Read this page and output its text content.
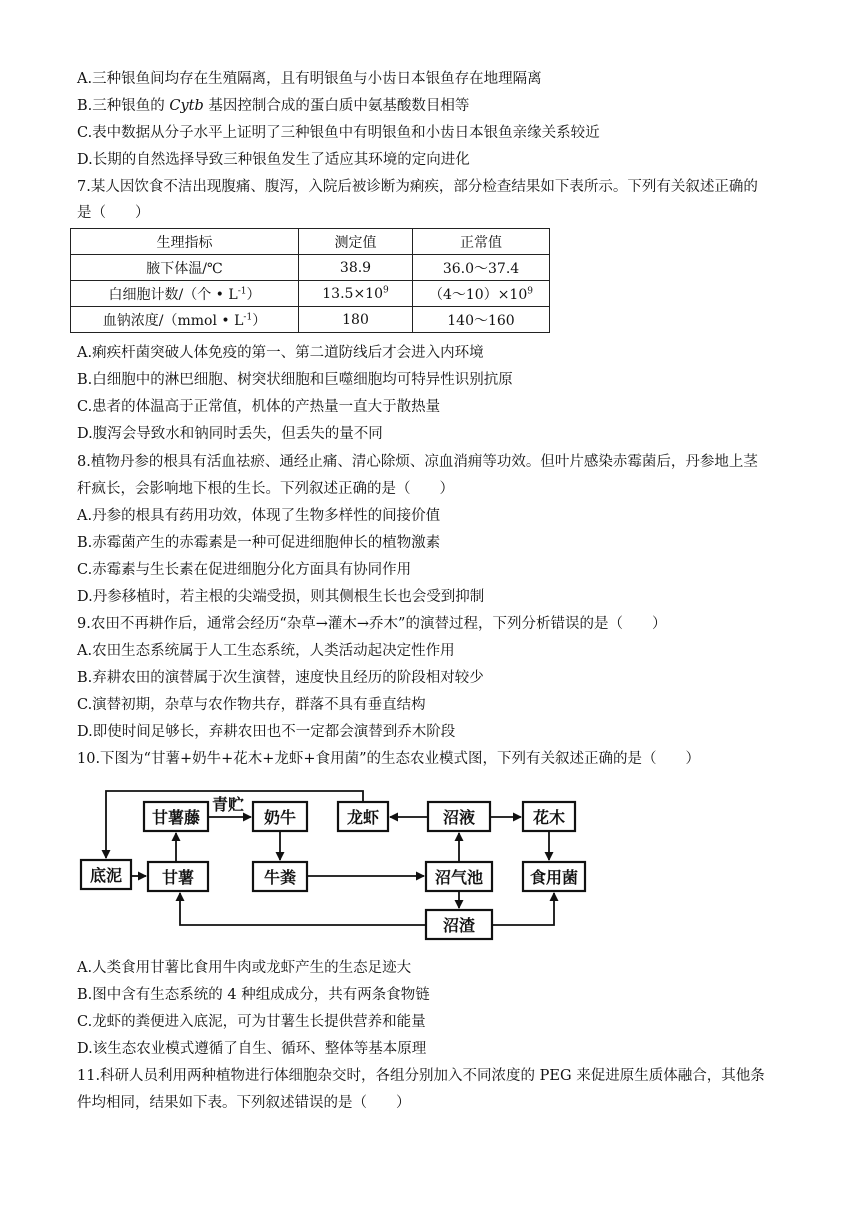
A.三种银鱼间均存在生殖隔离，且有明银鱼与小齿日本银鱼存在地理隔离
B.三种银鱼的 Cytb 基因控制合成的蛋白质中氨基酸数目相等
C.表中数据从分子水平上证明了三种银鱼中有明银鱼和小齿日本银鱼亲缘关系较近
D.长期的自然选择导致三种银鱼发生了适应其环境的定向进化
7.某人因饮食不洁出现腹痛、腹泻，入院后被诊断为痢疾，部分检查结果如下表所示。下列有关叙述正确的
是（　　）
生理指标	测定值	正常值
腋下体温/℃	38.9	36.0～37.4
白细胞计数/（个 • $L^{-1}$）	$13.5\times 10^9$	$(4\sim 10)\times 10^9$
血钠浓度/（mmol • $L^{-1}$）	180	140～160
A.痢疾杆菌突破人体免疫的第一、第二道防线后才会进入内环境
B.白细胞中的淋巴细胞、树突状细胞和巨噬细胞均可特异性识别抗原
C.患者的体温高于正常值，机体的产热量一直大于散热量
D.腹泻会导致水和钠同时丢失，但丢失的量不同
8.植物丹参的根具有活血祛瘀、通经止痛、清心除烦、凉血消痈等功效。但叶片感染赤霉菌后，丹参地上茎
秆疯长，会影响地下根的生长。下列叙述正确的是（　　）
A.丹参的根具有药用功效，体现了生物多样性的间接价值
B.赤霉菌产生的赤霉素是一种可促进细胞伸长的植物激素
C.赤霉素与生长素在促进细胞分化方面具有协同作用
D.丹参移植时，若主根的尖端受损，则其侧根生长也会受到抑制
9.农田不再耕作后，通常会经历“杂草→灌木→乔木”的演替过程，下列分析错误的是（　　）
A.农田生态系统属于人工生态系统，人类活动起决定性作用
B.弃耕农田的演替属于次生演替，速度快且经历的阶段相对较少
C.演替初期，杂草与农作物共存，群落不具有垂直结构
D.即使时间足够长，弃耕农田也不一定都会演替到乔木阶段
10.下图为“甘薯+奶牛+花木+龙虾+食用菌”的生态农业模式图，下列有关叙述正确的是（　　）
甘薯藤
青贮
奶牛	龙虾	沼液	花木
底泥 甘薯	牛粪	沼气池	食用菌
沼渣
A.人类食用甘薯比食用牛肉或龙虾产生的生态足迹大
B.图中含有生态系统的 4 种组成成分，共有两条食物链
C.龙虾的粪便进入底泥，可为甘薯生长提供营养和能量
D.该生态农业模式遵循了自生、循环、整体等基本原理
11.科研人员利用两种植物进行体细胞杂交时，各组分别加入不同浓度的 PEG 来促进原生质体融合，其他条
件均相同，结果如下表。下列叙述错误的是（　　）
